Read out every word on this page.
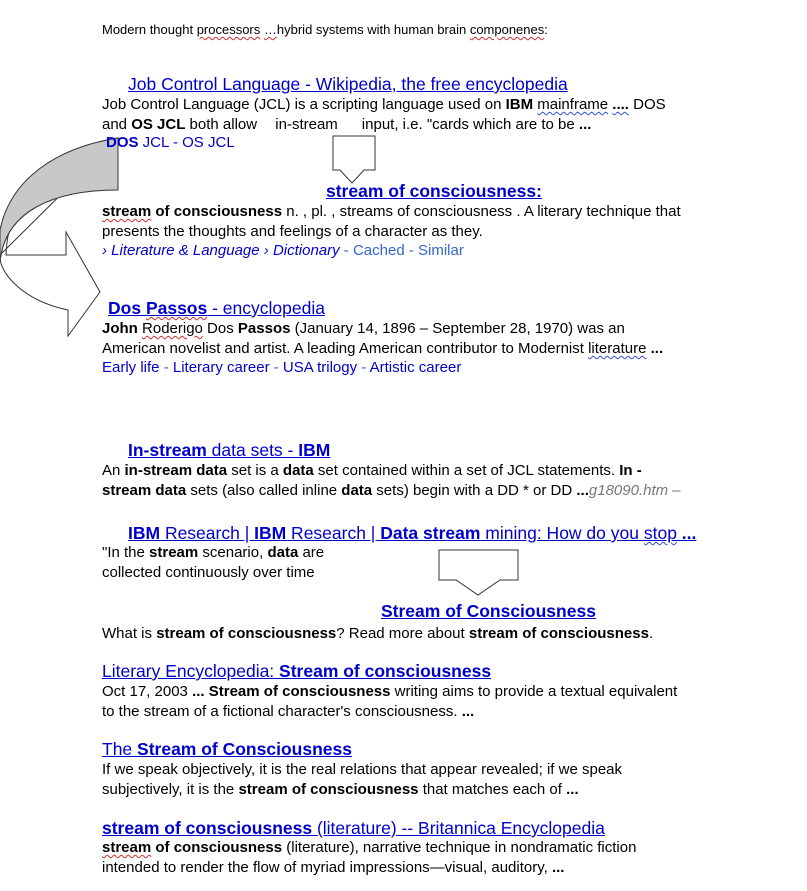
Modern thought processors …hybrid systems with human brain componenes:
Job Control Language - Wikipedia, the free encyclopedia
Job Control Language (JCL) is a scripting language used on IBM mainframe .... DOS
and OS JCL both allow in-stream input, i.e. "cards which are to be ...
DOS JCL - OS JCL
stream of consciousness:
stream of consciousness n. , pl. , streams of consciousness . A literary technique that
presents the thoughts and feelings of a character as they.
› Literature & Language › Dictionary - Cached - Similar
Dos Passos - encyclopedia
John Roderigo Dos Passos (January 14, 1896 – September 28, 1970) was an
American novelist and artist. A leading American contributor to Modernist literature ...
Early life - Literary career - USA trilogy - Artistic career
In-stream data sets - IBM
An in-stream data set is a data set contained within a set of JCL statements. In -
stream data sets (also called inline data sets) begin with a DD * or DD ...g18090.htm –
IBM Research | IBM Research | Data stream mining: How do you stop ...
"In the stream scenario, data are
collected continuously over time
Stream of Consciousness
What is stream of consciousness? Read more about stream of consciousness.
Literary Encyclopedia: Stream of consciousness
Oct 17, 2003 ... Stream of consciousness writing aims to provide a textual equivalent
to the stream of a fictional character's consciousness. ...
The Stream of Consciousness
If we speak objectively, it is the real relations that appear revealed; if we speak
subjectively, it is the stream of consciousness that matches each of ...
stream of consciousness (literature) -- Britannica Encyclopedia
stream of consciousness (literature), narrative technique in nondramatic fiction
intended to render the flow of myriad impressions—visual, auditory, ...
